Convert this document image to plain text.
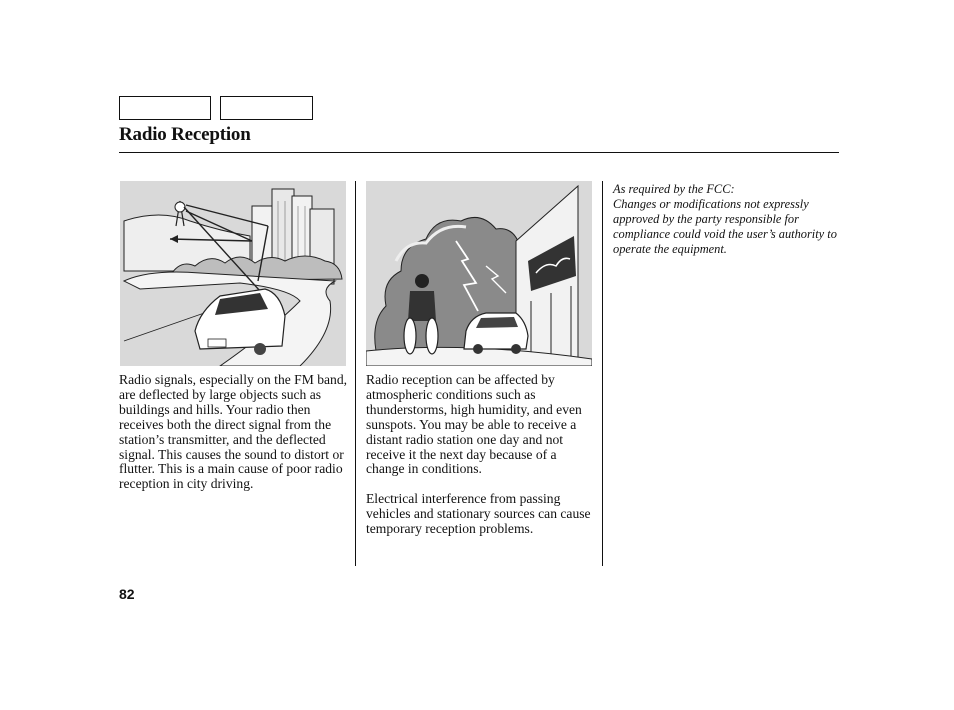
Radio Reception

Radio signals, especially on the FM band, are deflected by large objects such as buildings and hills. Your radio then receives both the direct signal from the station’s transmitter, and the deflected signal. This causes the sound to distort or flutter. This is a main cause of poor radio reception in city driving.

Radio reception can be affected by atmospheric conditions such as thunderstorms, high humidity, and even sunspots. You may be able to receive a distant radio station one day and not receive it the next day because of a change in conditions.

Electrical interference from passing vehicles and stationary sources can cause temporary reception problems.

As required by the FCC:
Changes or modifications not expressly approved by the party responsible for compliance could void the user’s authority to operate the equipment.
82
